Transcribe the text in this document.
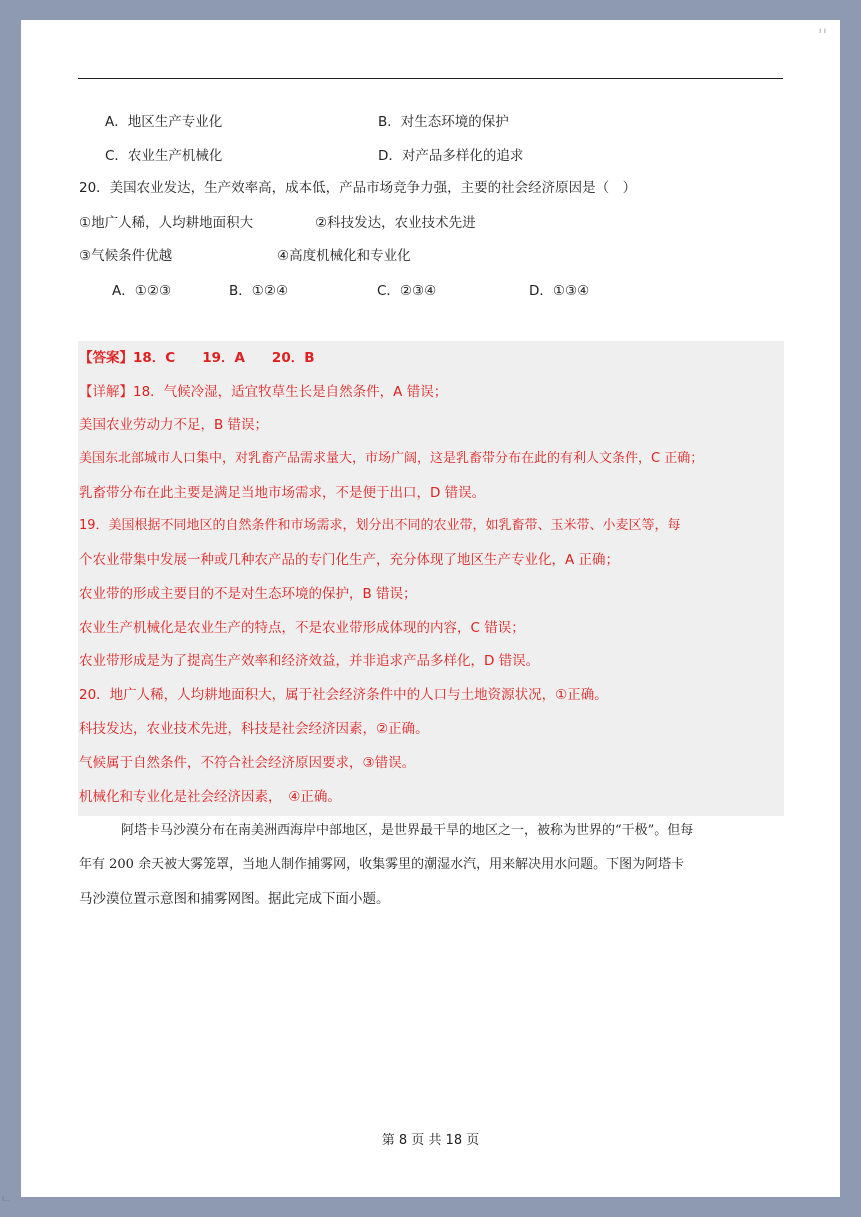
ı ı
A．地区生产专业化	B．对生态环境的保护
C．农业生产机械化	D．对产品多样化的追求
20．美国农业发达，生产效率高，成本低，产品市场竞争力强，主要的社会经济原因是（　）
①地广人稀，人均耕地面积大	②科技发达，农业技术先进
③气候条件优越	④高度机械化和专业化
A．①②③	B．①②④	C．②③④	D．①③④
【答案】18．C　　19．A　　20．B
【详解】18．气候冷湿，适宜牧草生长是自然条件，A 错误；
美国农业劳动力不足，B 错误；
美国东北部城市人口集中，对乳畜产品需求量大，市场广阔，这是乳畜带分布在此的有利人文条件，C 正确；
乳畜带分布在此主要是满足当地市场需求，不是便于出口，D 错误。
19．美国根据不同地区的自然条件和市场需求，划分出不同的农业带，如乳畜带、玉米带、小麦区等，每
个农业带集中发展一种或几种农产品的专门化生产，充分体现了地区生产专业化，A 正确；
农业带的形成主要目的不是对生态环境的保护，B 错误；
农业生产机械化是农业生产的特点，不是农业带形成体现的内容，C 错误；
农业带形成是为了提高生产效率和经济效益，并非追求产品多样化，D 错误。
20．地广人稀，人均耕地面积大，属于社会经济条件中的人口与土地资源状况，①正确。
科技发达，农业技术先进，科技是社会经济因素，②正确。
气候属于自然条件，不符合社会经济原因要求，③错误。
机械化和专业化是社会经济因素，　④正确。
阿塔卡马沙漠分布在南美洲西海岸中部地区，是世界最干旱的地区之一，被称为世界的“干极”。但每
年有 200 余天被大雾笼罩，当地人制作捕雾网，收集雾里的潮湿水汽，用来解决用水问题。下图为阿塔卡
马沙漠位置示意图和捕雾网图。据此完成下面小题。
第 8 页 共 18 页
ı..
